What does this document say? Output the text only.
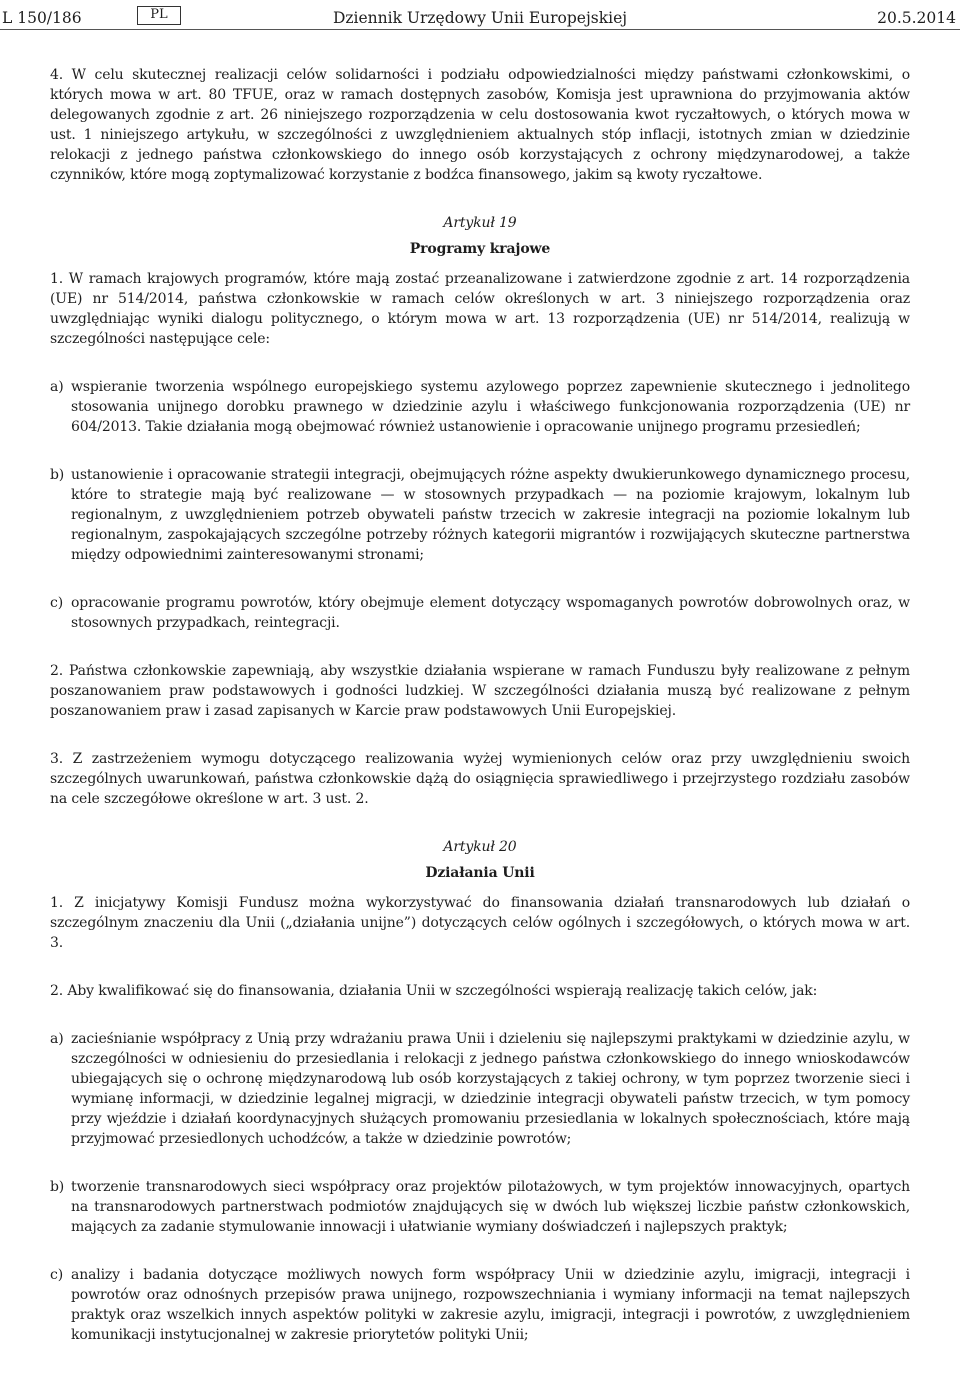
L 150/186	PL	Dziennik Urzędowy Unii Europejskiej	20.5.2014

4. W celu skutecznej realizacji celów solidarności i podziału odpowiedzialności między państwami członkowskimi, o których mowa w art. 80 TFUE, oraz w ramach dostępnych zasobów, Komisja jest uprawniona do przyjmowania aktów delegowanych zgodnie z art. 26 niniejszego rozporządzenia w celu dostosowania kwot ryczałtowych, o których mowa w ust. 1 niniejszego artykułu, w szczególności z uwzględnieniem aktualnych stóp inflacji, istotnych zmian w dziedzinie relokacji z jednego państwa członkowskiego do innego osób korzystających z ochrony międzynarodowej, a także czynników, które mogą zoptymalizować korzystanie z bodźca finansowego, jakim są kwoty ryczałtowe.

Artykuł 19

Programy krajowe

1. W ramach krajowych programów, które mają zostać przeanalizowane i zatwierdzone zgodnie z art. 14 rozporządzenia (UE) nr 514/2014, państwa członkowskie w ramach celów określonych w art. 3 niniejszego rozporządzenia oraz uwzględniając wyniki dialogu politycznego, o którym mowa w art. 13 rozporządzenia (UE) nr 514/2014, realizują w szczególności następujące cele:

a) wspieranie tworzenia wspólnego europejskiego systemu azylowego poprzez zapewnienie skutecznego i jednolitego stosowania unijnego dorobku prawnego w dziedzinie azylu i właściwego funkcjonowania rozporządzenia (UE) nr 604/2013. Takie działania mogą obejmować również ustanowienie i opracowanie unijnego programu przesiedleń;
b) ustanowienie i opracowanie strategii integracji, obejmujących różne aspekty dwukierunkowego dynamicznego procesu, które to strategie mają być realizowane — w stosownych przypadkach — na poziomie krajowym, lokalnym lub regionalnym, z uwzględnieniem potrzeb obywateli państw trzecich w zakresie integracji na poziomie lokalnym lub regionalnym, zaspokajających szczególne potrzeby różnych kategorii migrantów i rozwijających skuteczne partnerstwa między odpowiednimi zainteresowanymi stronami;
c) opracowanie programu powrotów, który obejmuje element dotyczący wspomaganych powrotów dobrowolnych oraz, w stosownych przypadkach, reintegracji.

2. Państwa członkowskie zapewniają, aby wszystkie działania wspierane w ramach Funduszu były realizowane z pełnym poszanowaniem praw podstawowych i godności ludzkiej. W szczególności działania muszą być realizowane z pełnym poszanowaniem praw i zasad zapisanych w Karcie praw podstawowych Unii Europejskiej.

3. Z zastrzeżeniem wymogu dotyczącego realizowania wyżej wymienionych celów oraz przy uwzględnieniu swoich szczególnych uwarunkowań, państwa członkowskie dążą do osiągnięcia sprawiedliwego i przejrzystego rozdziału zasobów na cele szczegółowe określone w art. 3 ust. 2.

Artykuł 20

Działania Unii

1. Z inicjatywy Komisji Fundusz można wykorzystywać do finansowania działań transnarodowych lub działań o szczególnym znaczeniu dla Unii („działania unijne”) dotyczących celów ogólnych i szczegółowych, o których mowa w art. 3.

2. Aby kwalifikować się do finansowania, działania Unii w szczególności wspierają realizację takich celów, jak:

a) zacieśnianie współpracy z Unią przy wdrażaniu prawa Unii i dzieleniu się najlepszymi praktykami w dziedzinie azylu, w szczególności w odniesieniu do przesiedlania i relokacji z jednego państwa członkowskiego do innego wnioskodawców ubiegających się o ochronę międzynarodową lub osób korzystających z takiej ochrony, w tym poprzez tworzenie sieci i wymianę informacji, w dziedzinie legalnej migracji, w dziedzinie integracji obywateli państw trzecich, w tym pomocy przy wjeździe i działań koordynacyjnych służących promowaniu przesiedlania w lokalnych społecznościach, które mają przyjmować przesiedlonych uchodźców, a także w dziedzinie powrotów;
b) tworzenie transnarodowych sieci współpracy oraz projektów pilotażowych, w tym projektów innowacyjnych, opartych na transnarodowych partnerstwach podmiotów znajdujących się w dwóch lub większej liczbie państw członkowskich, mających za zadanie stymulowanie innowacji i ułatwianie wymiany doświadczeń i najlepszych praktyk;
c) analizy i badania dotyczące możliwych nowych form współpracy Unii w dziedzinie azylu, imigracji, integracji i powrotów oraz odnośnych przepisów prawa unijnego, rozpowszechniania i wymiany informacji na temat najlepszych praktyk oraz wszelkich innych aspektów polityki w zakresie azylu, imigracji, integracji i powrotów, z uwzględnieniem komunikacji instytucjonalnej w zakresie priorytetów polityki Unii;
